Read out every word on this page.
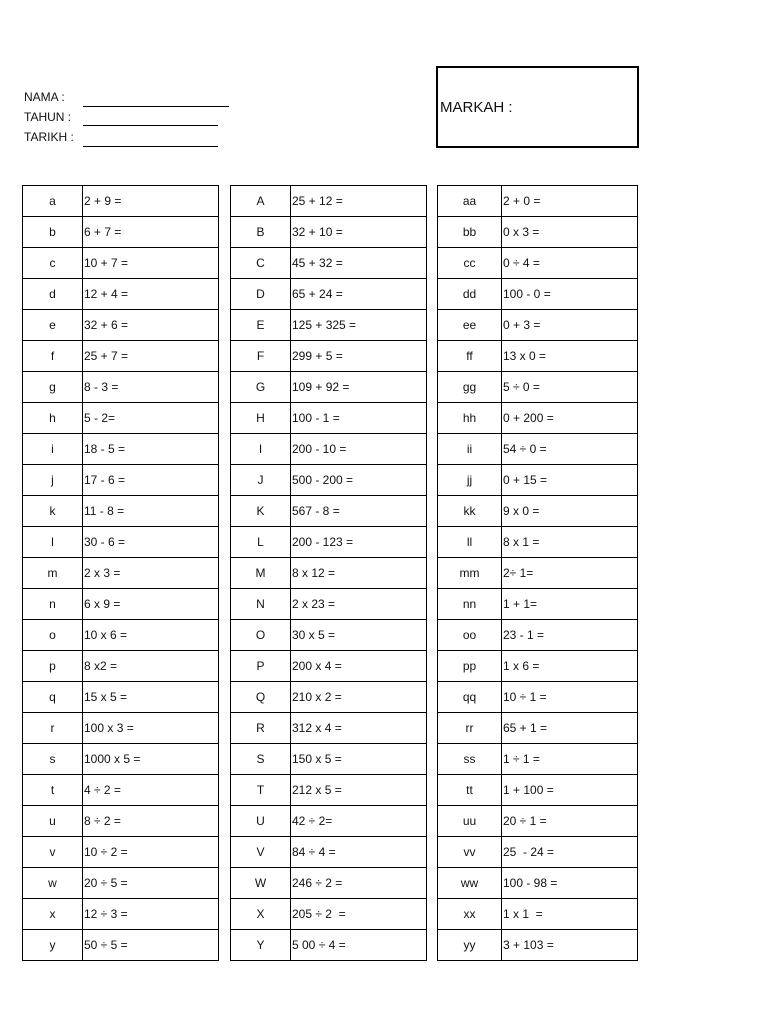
NAMA :
TAHUN :
TARIKH :
MARKAH :
a	2 + 9 =
b	6 + 7 =
c	10 + 7 =
d	12 + 4 =
e	32 + 6 =
f	25 + 7 =
g	8 - 3 =
h	5 - 2=
i	18 - 5 =
j	17 - 6 =
k	11 - 8 =
l	30 - 6 =
m	2 x 3 =
n	6 x 9 =
o	10 x 6 =
p	8 x2 =
q	15 x 5 =
r	100 x 3 =
s	1000 x 5 =
t	4 ÷ 2 =
u	8 ÷ 2 =
v	10 ÷ 2 =
w	20 ÷ 5 =
x	12 ÷ 3 =
y	50 ÷ 5 =
A	25 + 12 =
B	32 + 10 =
C	45 + 32 =
D	65 + 24 =
E	125 + 325 =
F	299 + 5 =
G	109 + 92 =
H	100 - 1 =
I	200 - 10 =
J	500 - 200 =
K	567 - 8 =
L	200 - 123 =
M	8 x 12 =
N	2 x 23 =
O	30 x 5 =
P	200 x 4 =
Q	210 x 2 =
R	312 x 4 =
S	150 x 5 =
T	212 x 5 =
U	42 ÷ 2=
V	84 ÷ 4 =
W	246 ÷ 2 =
X	205 ÷ 2  =
Y	5 00 ÷ 4 =
aa	2 + 0 =
bb	0 x 3 =
cc	0 ÷ 4 =
dd	100 - 0 =
ee	0 + 3 =
ff	13 x 0 =
gg	5 ÷ 0 =
hh	0 + 200 =
ii	54 ÷ 0 =
jj	0 + 15 =
kk	9 x 0 =
ll	8 x 1 =
mm	2÷ 1=
nn	1 + 1=
oo	23 - 1 =
pp	1 x 6 =
qq	10 ÷ 1 =
rr	65 + 1 =
ss	1 ÷ 1 =
tt	1 + 100 =
uu	20 ÷ 1 =
vv	25  - 24 =
ww	100 - 98 =
xx	1 x 1  =
yy	3 + 103 =
